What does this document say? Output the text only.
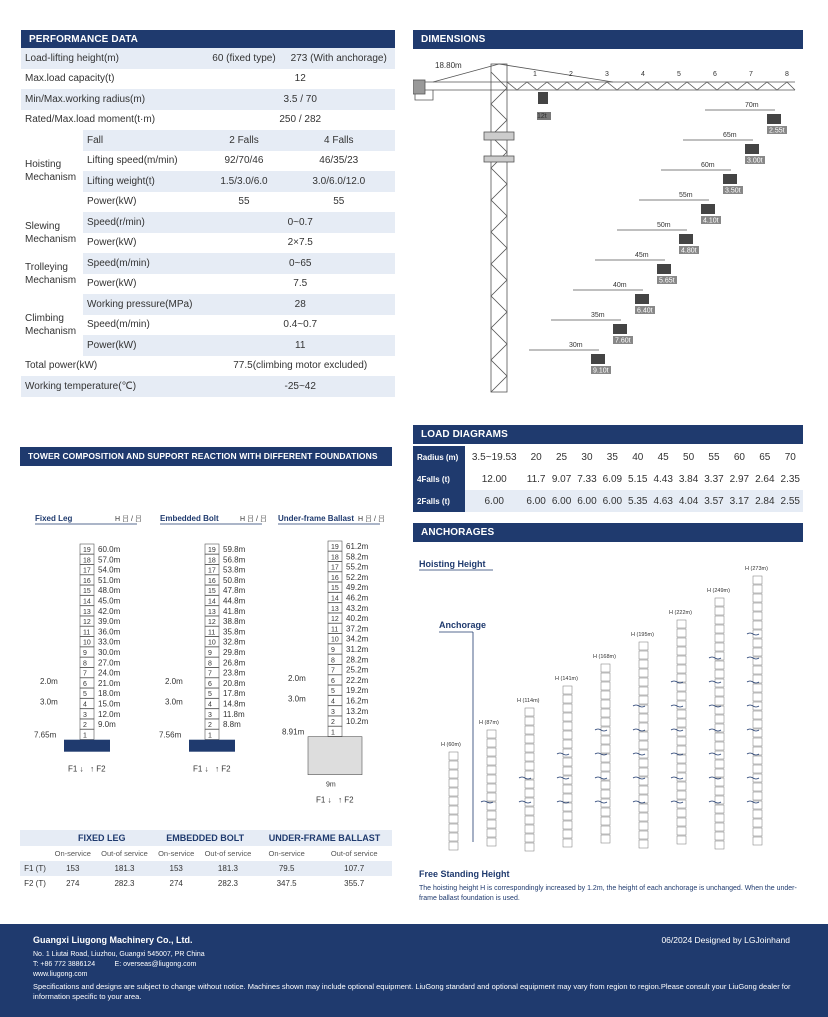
PERFORMANCE DATA
Load-lifting height(m)		60 (fixed type)	273 (With anchorage)
Max.load capacity(t)		12	
Min/Max.working radius(m)		3.5 / 70	
Rated/Max.load moment(t·m)		250 / 282	
Hoisting Mechanism	Fall	2 Falls	4 Falls
	Lifting speed(m/min)	92/70/46	46/35/23
	Lifting weight(t)	1.5/3.0/6.0	3.0/6.0/12.0
	Power(kW)	55	55
Slewing Mechanism	Speed(r/min)	0~0.7	
	Power(kW)	2×7.5	
Trolleying Mechanism	Speed(m/min)	0~65	
	Power(kW)	7.5	
Climbing Mechanism	Working pressure(MPa)	28	
	Speed(m/min)	0.4~0.7	
	Power(kW)	11	
Total power(kW)		77.5(climbing motor excluded)	
Working temperature(℃)		-25~42	
DIMENSIONS
18.80m
1	2	3	4	5	6	7	8
12t
70m
2.55t
65m
3.00t
60m
3.50t
55m
4.10t
50m
4.80t
45m
5.65t
40m
6.40t
35m
7.60t
30m
9.10t
LOAD DIAGRAMS
Radius (m)	3.5~19.53	20	25	30	35	40	45	50	55	60	65	70
4Falls (t)	12.00	11.7	9.07	7.33	6.09	5.15	4.43	3.84	3.37	2.97	2.64	2.35
2Falls (t)	6.00	6.00	6.00	6.00	6.00	5.35	4.63	4.04	3.57	3.17	2.84	2.55
TOWER COMPOSITION AND SUPPORT REACTION WITH DIFFERENT FOUNDATIONS
Fixed Leg	H 吕 / 吕
19
18
17
16
15
14
13
12
11
10
9
8
7
6
5
4
3
2
1
60.0m
57.0m
54.0m
51.0m
48.0m
45.0m
42.0m
39.0m
36.0m
33.0m
30.0m
27.0m
24.0m
21.0m
18.0m
15.0m
12.0m
9.0m
2.0m
3.0m
7.65m
F1 ↓ ↑ F2
Embedded Bolt	H 吕 / 吕
19
18
17
16
15
14
13
12
11
10
9
8
7
6
5
4
3
2
1
59.8m
56.8m
53.8m
50.8m
47.8m
44.8m
41.8m
38.8m
35.8m
32.8m
29.8m
26.8m
23.8m
20.8m
17.8m
14.8m
11.8m
8.8m
2.0m
3.0m
7.56m
F1 ↓ ↑ F2
Under-frame Ballast H 吕 / 吕
19
18
17
16
15
14
13
12
11
10
9
8
7
6
5
4
3
2
1
61.2m
58.2m
55.2m
52.2m
49.2m
46.2m
43.2m
40.2m
37.2m
34.2m
31.2m
28.2m
25.2m
22.2m
19.2m
16.2m
13.2m
10.2m
9m
2.0m
3.0m
8.91m
F1 ↓ ↑ F2
	FIXED LEG		EMBEDDED BOLT		UNDER-FRAME BALLAST	
	On-service	Out-of service	On-service	Out-of service	On-service	Out-of service
F1 (T)	153	181.3	153	181.3	79.5	107.7
F2 (T)	274	282.3	274	282.3	347.5	355.7
ANCHORAGES
Hoisting Height
Anchorage
H (60m)
H (87m)
H (114m)
H (141m)
H (168m)
H (195m)
H (222m)
H (249m)
H (273m)
Free Standing Height
The hoisting height H is correspondingly increased by 1.2m, the height of each anchorage is unchanged. When the under-frame ballast foundation is used.
Guangxi Liugong Machinery Co., Ltd.
No. 1 Liutai Road, Liuzhou, Guangxi 545007, PR China
T: +86 772 3886124	E: overseas@liugong.com
www.liugong.com
Specifications and designs are subject to change without notice. Machines shown may include optional equipment. LiuGong standard and optional equipment may vary from region to region.Please consult your LiuGong dealer for information specific to your area.
06/2024 Designed by LGJoinhand
